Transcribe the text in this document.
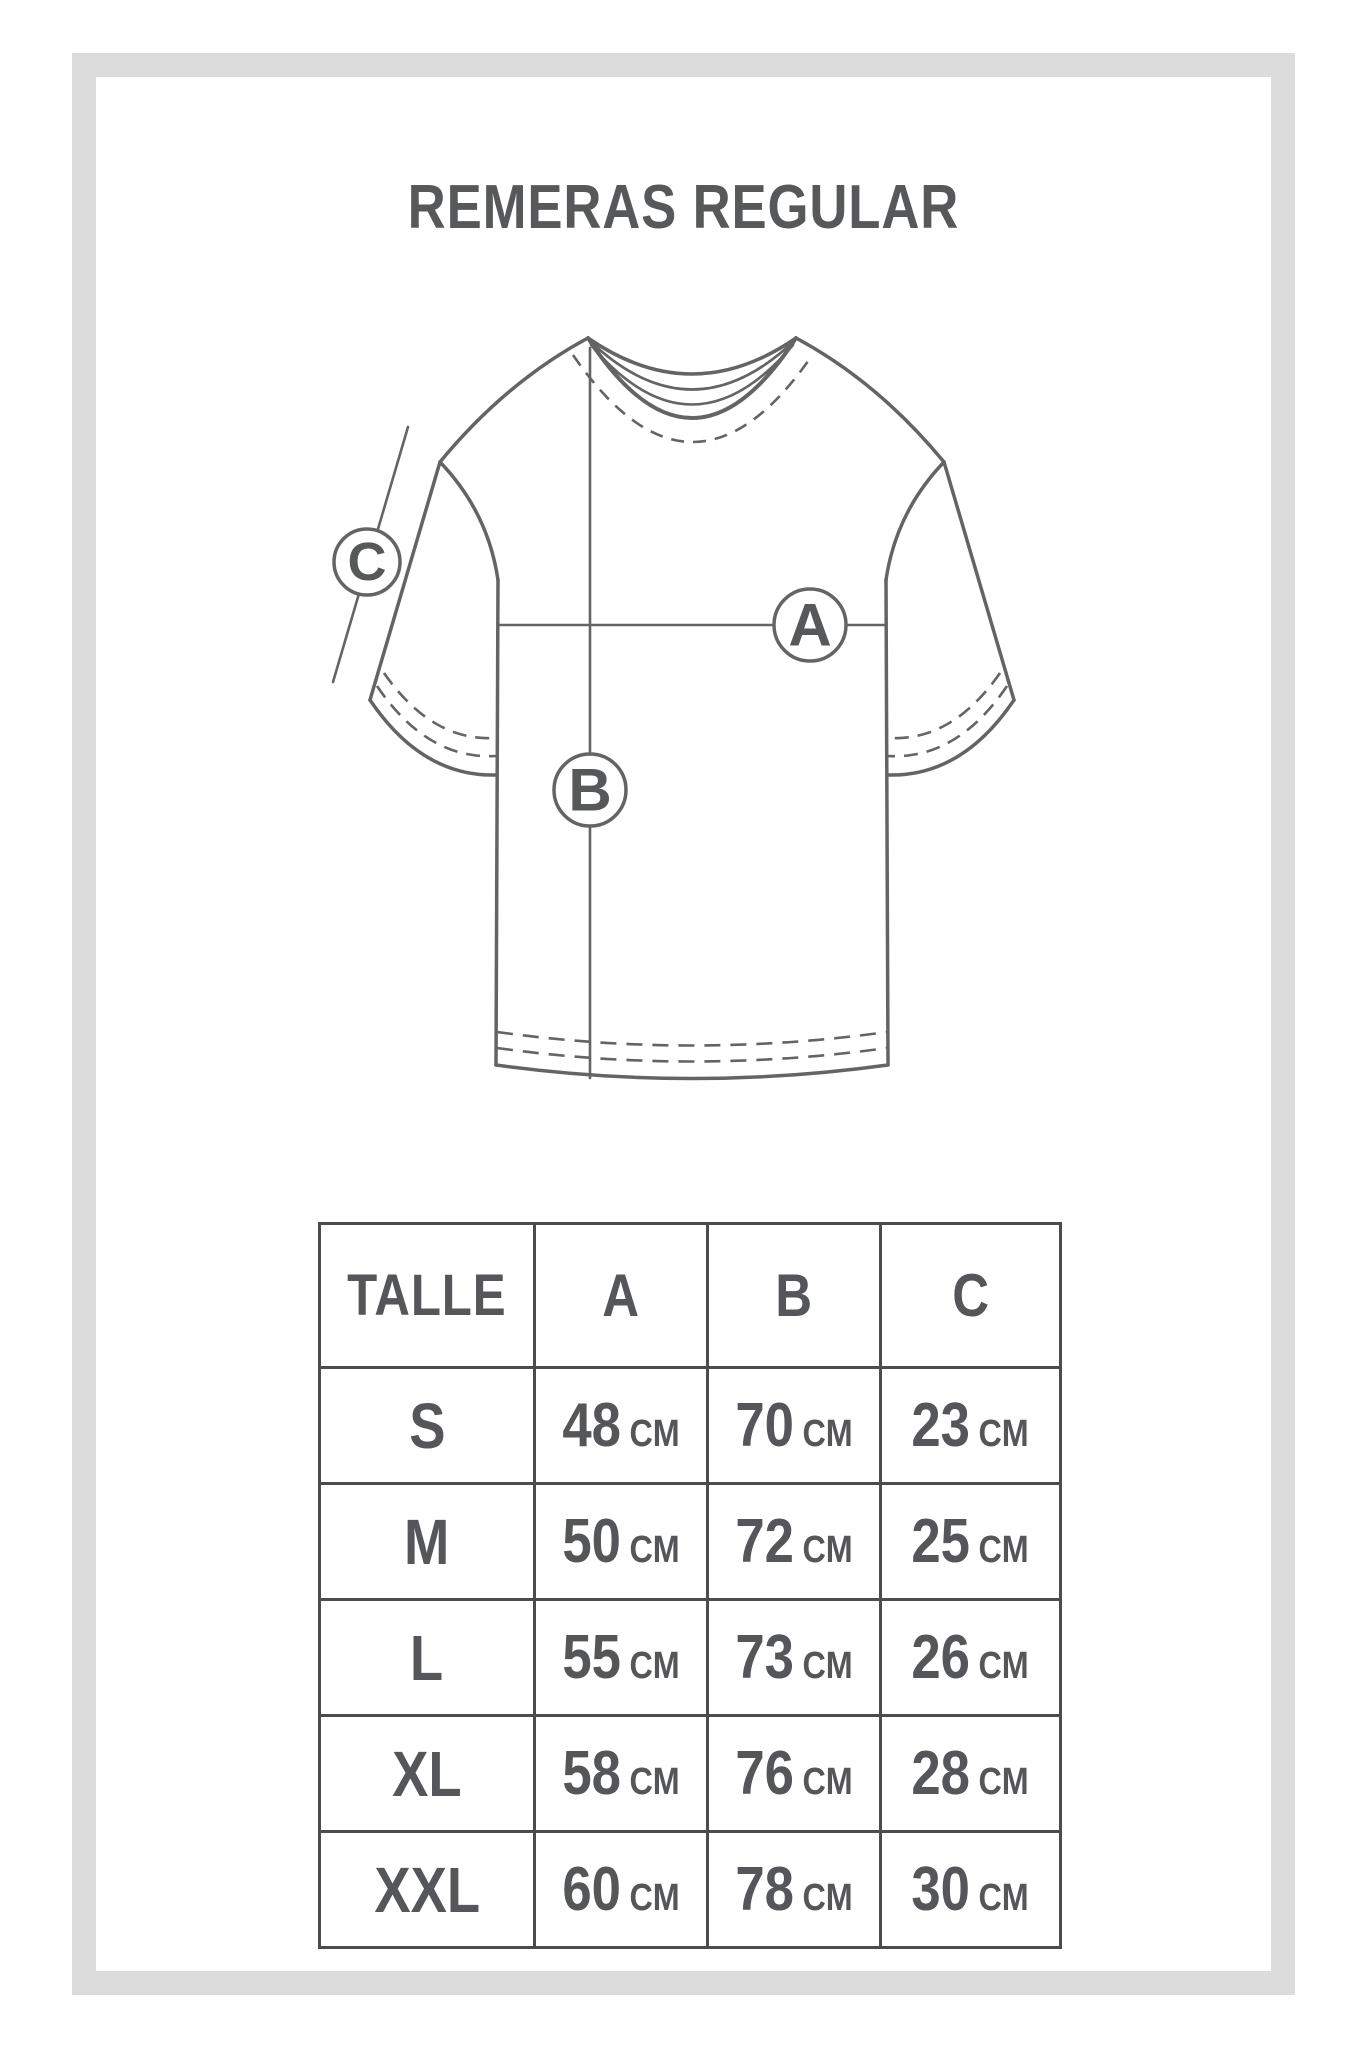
REMERAS REGULAR
A
B
C
TALLE	A	B	C
S	48 CM	70 CM	23 CM
M	50 CM	72 CM	25 CM
L	55 CM	73 CM	26 CM
XL	58 CM	76 CM	28 CM
XXL	60 CM	78 CM	30 CM
